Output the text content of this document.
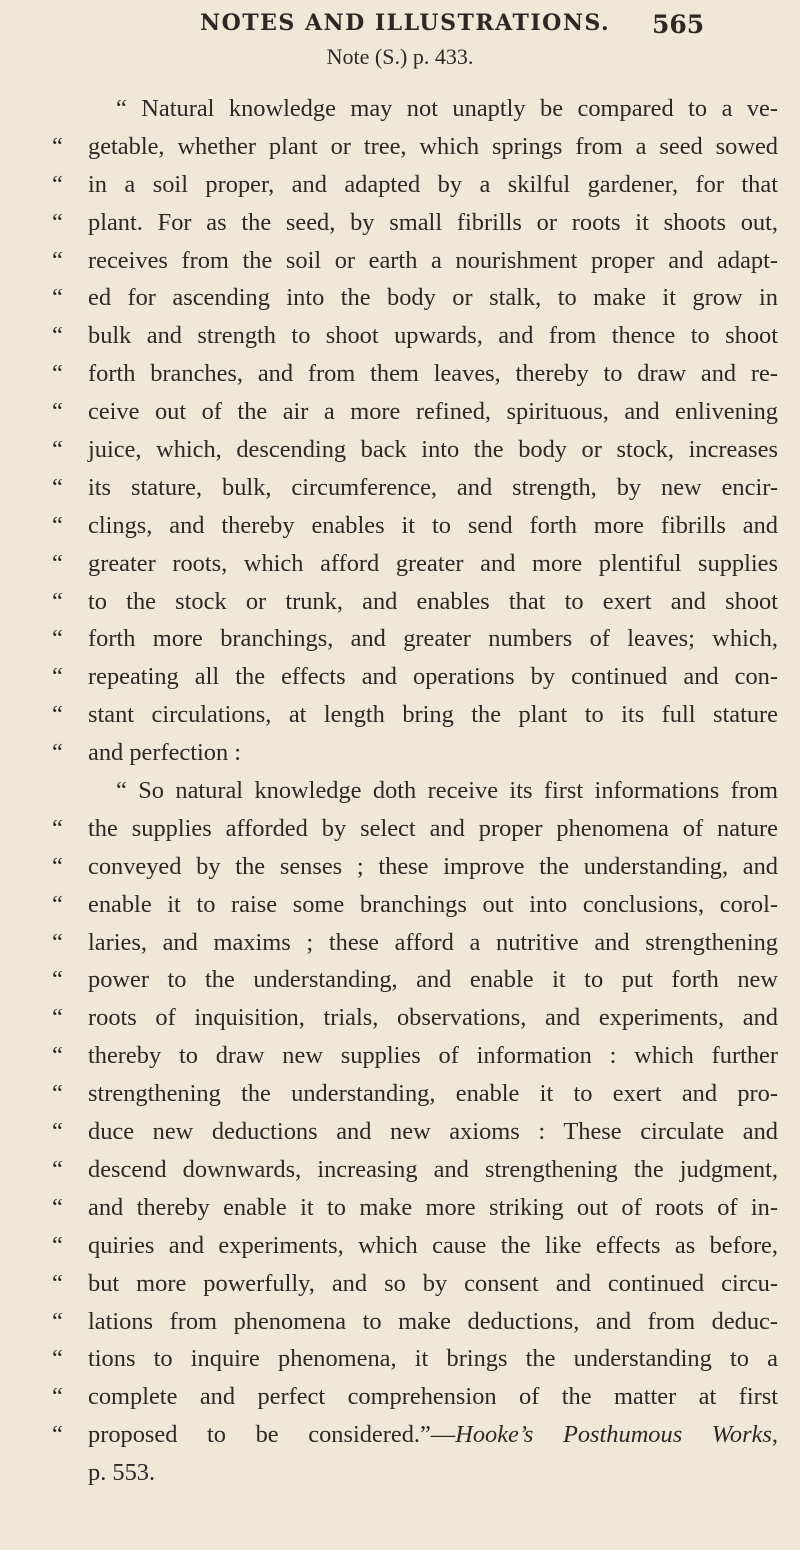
NOTES AND ILLUSTRATIONS. 565
Note (S.) p. 433.
“ Natural knowledge may not unaptly be compared to a ve-
“ getable, whether plant or tree, which springs from a seed sowed
“ in a soil proper, and adapted by a skilful gardener, for that
“ plant. For as the seed, by small fibrills or roots it shoots out,
“ receives from the soil or earth a nourishment proper and adapt-
“ ed for ascending into the body or stalk, to make it grow in
“ bulk and strength to shoot upwards, and from thence to shoot
“ forth branches, and from them leaves, thereby to draw and re-
“ ceive out of the air a more refined, spirituous, and enlivening
“ juice, which, descending back into the body or stock, increases
“ its stature, bulk, circumference, and strength, by new encir-
“ clings, and thereby enables it to send forth more fibrills and
“ greater roots, which afford greater and more plentiful supplies
“ to the stock or trunk, and enables that to exert and shoot
“ forth more branchings, and greater numbers of leaves; which,
“ repeating all the effects and operations by continued and con-
“ stant circulations, at length bring the plant to its full stature
“ and perfection :
“ So natural knowledge doth receive its first informations from
“ the supplies afforded by select and proper phenomena of nature
“ conveyed by the senses ; these improve the understanding, and
“ enable it to raise some branchings out into conclusions, corol-
“ laries, and maxims ; these afford a nutritive and strengthening
“ power to the understanding, and enable it to put forth new
“ roots of inquisition, trials, observations, and experiments, and
“ thereby to draw new supplies of information : which further
“ strengthening the understanding, enable it to exert and pro-
“ duce new deductions and new axioms : These circulate and
“ descend downwards, increasing and strengthening the judgment,
“ and thereby enable it to make more striking out of roots of in-
“ quiries and experiments, which cause the like effects as before,
“ but more powerfully, and so by consent and continued circu-
“ lations from phenomena to make deductions, and from deduc-
“ tions to inquire phenomena, it brings the understanding to a
“ complete and perfect comprehension of the matter at first
“ proposed to be considered.”—Hooke’s Posthumous Works,
p. 553.
